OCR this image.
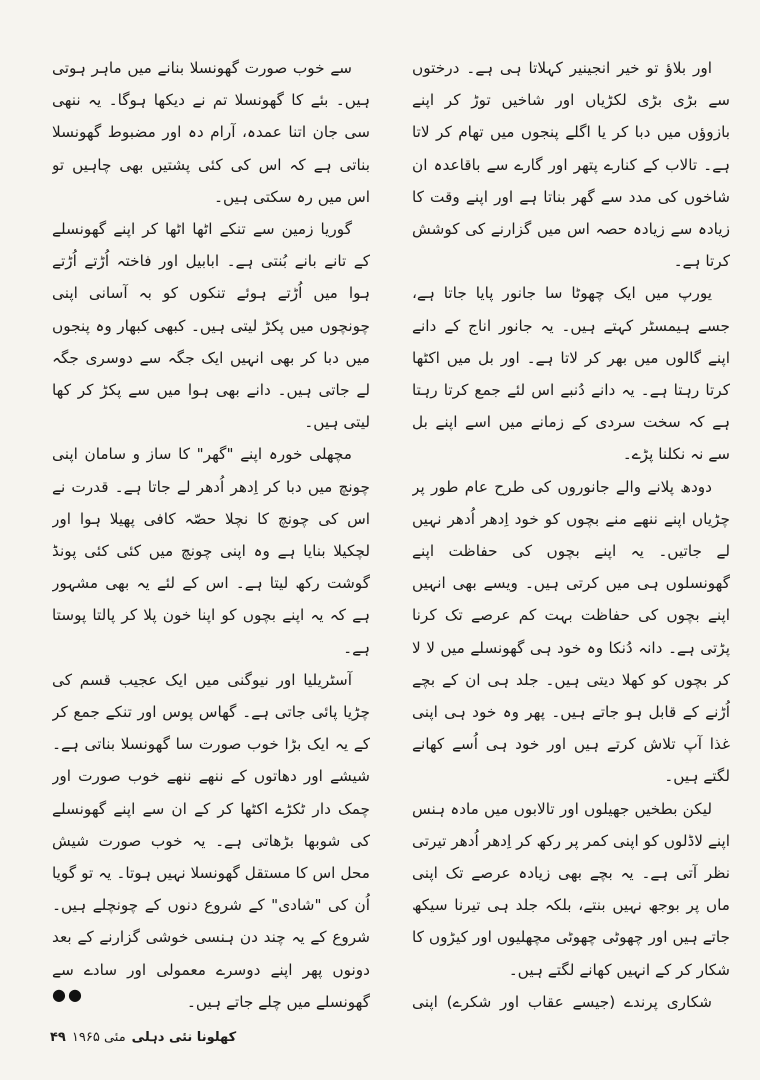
اور بلاؤ تو خیر انجینیر کہلاتا ہی ہے۔ درختوں سے بڑی بڑی لکڑیاں اور شاخیں توڑ کر اپنے بازوؤں میں دبا کر یا اگلے پنجوں میں تھام کر لاتا ہے۔ تالاب کے کنارے پتھر اور گارے سے باقاعدہ ان شاخوں کی مدد سے گھر بناتا ہے اور اپنے وقت کا زیادہ سے زیادہ حصہ اس میں گزارنے کی کوشش کرتا ہے۔

یورپ میں ایک چھوٹا سا جانور پایا جاتا ہے، جسے ہیمسٹر کہتے ہیں۔ یہ جانور اناج کے دانے اپنے گالوں میں بھر کر لاتا ہے۔ اور بل میں اکٹھا کرتا رہتا ہے۔ یہ دانے دُنبے اس لئے جمع کرتا رہتا ہے کہ سخت سردی کے زمانے میں اسے اپنے بل سے نہ نکلنا پڑے۔

دودھ پلانے والے جانوروں کی طرح عام طور پر چڑیاں اپنے ننھے منے بچوں کو خود اِدھر اُدھر نہیں لے جاتیں۔ یہ اپنے بچوں کی حفاظت اپنے گھونسلوں ہی میں کرتی ہیں۔ ویسے بھی انہیں اپنے بچوں کی حفاظت بہت کم عرصے تک کرنا پڑتی ہے۔ دانہ دُنکا وہ خود ہی گھونسلے میں لا لا کر بچوں کو کھلا دیتی ہیں۔ جلد ہی ان کے بچے اُڑنے کے قابل ہو جاتے ہیں۔ پھر وہ خود ہی اپنی غذا آپ تلاش کرتے ہیں اور خود ہی اُسے کھانے لگتے ہیں۔

لیکن بطخیں جھیلوں اور تالابوں میں مادہ ہنس اپنے لاڈلوں کو اپنی کمر پر رکھ کر اِدھر اُدھر تیرتی نظر آتی ہے۔ یہ بچے بھی زیادہ عرصے تک اپنی ماں پر بوجھ نہیں بنتے، بلکہ جلد ہی تیرنا سیکھ جاتے ہیں اور چھوٹی چھوٹی مچھلیوں اور کیڑوں کا شکار کر کے انہیں کھانے لگتے ہیں۔

شکاری پرندے (جیسے عقاب اور شکرے) اپنی

سے خوب صورت گھونسلا بنانے میں ماہر ہوتی ہیں۔ بئے کا گھونسلا تم نے دیکھا ہوگا۔ یہ ننھی سی جان اتنا عمدہ، آرام دہ اور مضبوط گھونسلا بناتی ہے کہ اس کی کئی پشتیں بھی چاہیں تو اس میں رہ سکتی ہیں۔

گوریا زمین سے تنکے اٹھا اٹھا کر اپنے گھونسلے کے تانے بانے بُنتی ہے۔ ابابیل اور فاختہ اُڑتے اُڑتے ہوا میں اُڑتے ہوئے تنکوں کو بہ آسانی اپنی چونچوں میں پکڑ لیتی ہیں۔ کبھی کبھار وہ پنجوں میں دبا کر بھی انہیں ایک جگہ سے دوسری جگہ لے جاتی ہیں۔ دانے بھی ہوا میں سے پکڑ کر کھا لیتی ہیں۔

مچھلی خورہ اپنے "گھر" کا ساز و سامان اپنی چونچ میں دبا کر اِدھر اُدھر لے جاتا ہے۔ قدرت نے اس کی چونچ کا نچلا حصّہ کافی پھیلا ہوا اور لچکیلا بنایا ہے وہ اپنی چونچ میں کئی کئی پونڈ گوشت رکھ لیتا ہے۔ اس کے لئے یہ بھی مشہور ہے کہ یہ اپنے بچوں کو اپنا خون پلا کر پالتا پوستا ہے۔

آسٹریلیا اور نیوگنی میں ایک عجیب قسم کی چڑیا پائی جاتی ہے۔ گھاس پوس اور تنکے جمع کر کے یہ ایک بڑا خوب صورت سا گھونسلا بناتی ہے۔ شیشے اور دھاتوں کے ننھے ننھے خوب صورت اور چمک دار ٹکڑے اکٹھا کر کے ان سے اپنے گھونسلے کی شوبھا بڑھاتی ہے۔ یہ خوب صورت شیش محل اس کا مستقل گھونسلا نہیں ہوتا۔ یہ تو گویا اُن کی "شادی" کے شروع دنوں کے چونچلے ہیں۔ شروع کے یہ چند دن ہنسی خوشی گزارنے کے بعد دونوں پھر اپنے دوسرے معمولی اور سادے سے گھونسلے میں چلے جاتے ہیں۔

●●
کھلونا نئی دہلی
مئی ۱۹۶۵
۴۹
